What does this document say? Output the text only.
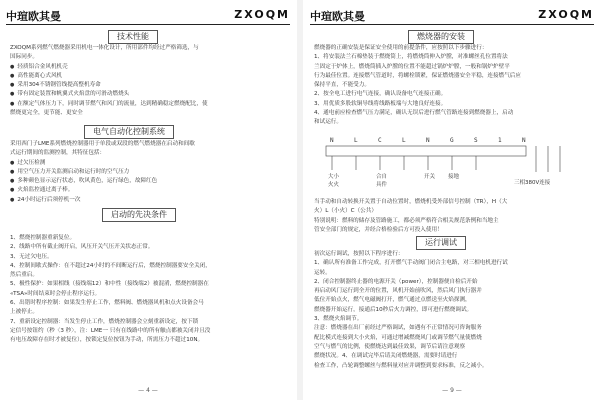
中瑄欧其曼	ZXOQM
技术性能

ZXOQM系列燃气燃烧器采用机电一体化设计，所用部件均经过严格筛选，与

国际同步。

● 轻质铝合金风机机壳

● 高性能离心式风机

● 采用304不锈钢管线提高整机寿命

● 带有固定装置和帆翼式火焰盘的可滑动燃烧头

● 在额定气体压力下，同时调节燃气和风门的流量，达到精确稳定燃烧配比，使

燃烧更完全，更节能、更安全

电气自动化控制系统

采用西门子LME系列燃烧控制器用于单段或双段的燃气燃烧器在启动和间歇

式运行期间的监测控制，其特征包括：

● 过欠压检测

● 用空气压力开关监测启动和运行时的空气压力

● 多种颜色显示运行状态，吹风黄色，运行绿色，故障红色

● 火焰监控通过离子棒。

● 24小时运行后须停机一次

启动的先决条件

1、燃烧控制器重新复位。

2、线路中所有截止阀开启，风压开关气压开关状态正常。

3、无过欠电压。

4、控制间歇式操作：在不超过24小时的不间断运行后，燃烧控制器要安全关闭，

然后重启。

5、极性保护：如果相线（接线端12）和中性（接线端2）被混淆，燃烧控制器在

«TSA»时间结束时会停止程序运行。

6、出错时程序控制：如果发生停止工作，燃料阀、燃烧器风机和点火设备会马

上被停止。

7、重新设定控制器：当发生停止工作，燃烧控制器会立刻重新设定，按下锁

定信号按钮约（秒〈3 秒〉，注：LME一 只有在线路中的所有触点都被关闭并且没

有电压故障存在时才被复位），按锁定复位按钮为手动，所需压力不超过10N。

— 4 —
中瑄欧其曼	ZXOQM
燃烧器的安装

燃烧器的正确安装是保证安全使用的前提条件，应按照以下步骤进行：

1、将安装法兰石棉垫装于燃烧筒上，将燃烧筒伸入炉膛，对准螺丝孔位置将法

兰固定于炉体上，燃烧筒插入炉膛的位置不能超过锅炉炉膛，一般和锅炉炉壁平

行为最佳位置。连接燃气管道时，将螺栓锁紧，保证燃烧器安全平稳，连接燃气后应

保持平直，不能受力。

2、按全电工进行电气连接，确认设备电气连接正确。

3、用优质多股软铜导线将线路板端与大地良好连接。

4、通电前应检查燃气压力满足，确认无误后进行燃气管路连接到燃烧器上，启动

和试运行。

N	L	C	L	N	G	S	1	N
大小
火火
合自
具件
开关 接地
三相380V连接

当手动和自动转换开关置于自动位置时，燃烧机受外部信号控制（TR），H（大

火）L（小火）C（公共）

特别说明：燃料的储存及管路施工，都必须严格符合相关规范条例和当地主

管安全部门的规定，并经合格检验后方可投入使用！

运行调试

初次运行调试，按照以下程序进行：

1、确认所有准备工作完成，打开燃气手动阀门闭合主电路，对三相电机进行试

运转。

2、闭合控制器终止器的电源开关（power），控制器便自检后开始

再启动风门运行到全开的位置，风机开始前吹风，然后风门执行器并

低位开始点火，燃气电磁阀打开，燃气通过点燃送至火焰探测，

燃烧器开始运行，接通后10秒后火力调控，即可进行燃烧调试。

3、燃烧火焰调节。

注意：燃烧器在出厂前经过严格调试，如遇有不正常情况可咨询服务

配比模式连接到大小火焰，可通过增减燃烧风门或调节燃气量使燃烧

空气与燃气的比例，使燃烧达到最佳效果，调节后请注意观察

燃烧状况。4、在调试完毕后请关闭燃烧器，需要时请进行

检查工作，凸轮调整螺丝与燃料量对应并调整到要求标准，反之减小。

— 9 —
